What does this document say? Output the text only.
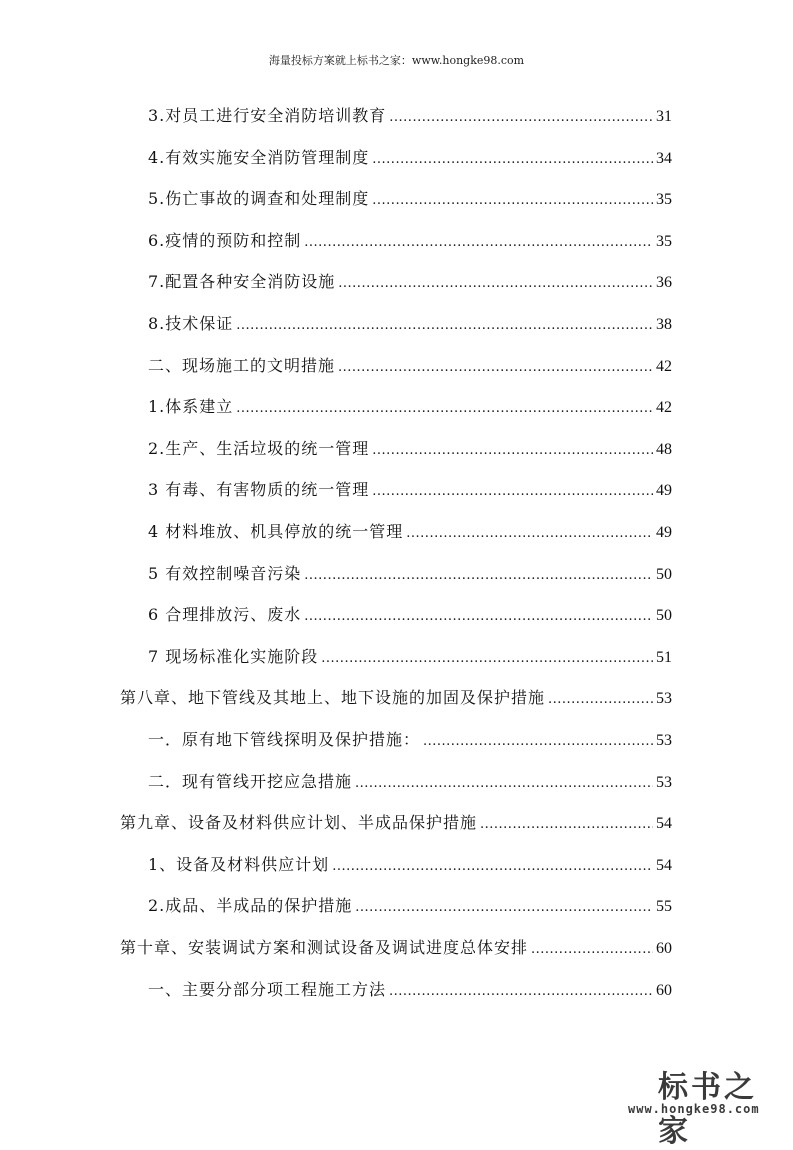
海量投标方案就上标书之家：www.hongke98.com
3.对员工进行安全消防培训教育 .....	31
4.有效实施安全消防管理制度 .....	34
5.伤亡事故的调查和处理制度 .....	35
6.疫情的预防和控制 .....	35
7.配置各种安全消防设施 .....	36
8.技术保证 .....	38
二、现场施工的文明措施 .....	42
1.体系建立 .....	42
2.生产、生活垃圾的统一管理 .....	48
3 有毒、有害物质的统一管理 .....	49
4 材料堆放、机具停放的统一管理 .....	49
5 有效控制噪音污染 .....	50
6 合理排放污、废水 .....	50
7 现场标准化实施阶段 .....	51
第八章、地下管线及其地上、地下设施的加固及保护措施 .....	53
一．原有地下管线探明及保护措施： .....	53
二．现有管线开挖应急措施 .....	53
第九章、设备及材料供应计划、半成品保护措施 .....	54
1、设备及材料供应计划 .....	54
2.成品、半成品的保护措施 .....	55
第十章、安装调试方案和测试设备及调试进度总体安排 .....	60
一、主要分部分项工程施工方法 .....	60
标书之家
www.hongke98.com
